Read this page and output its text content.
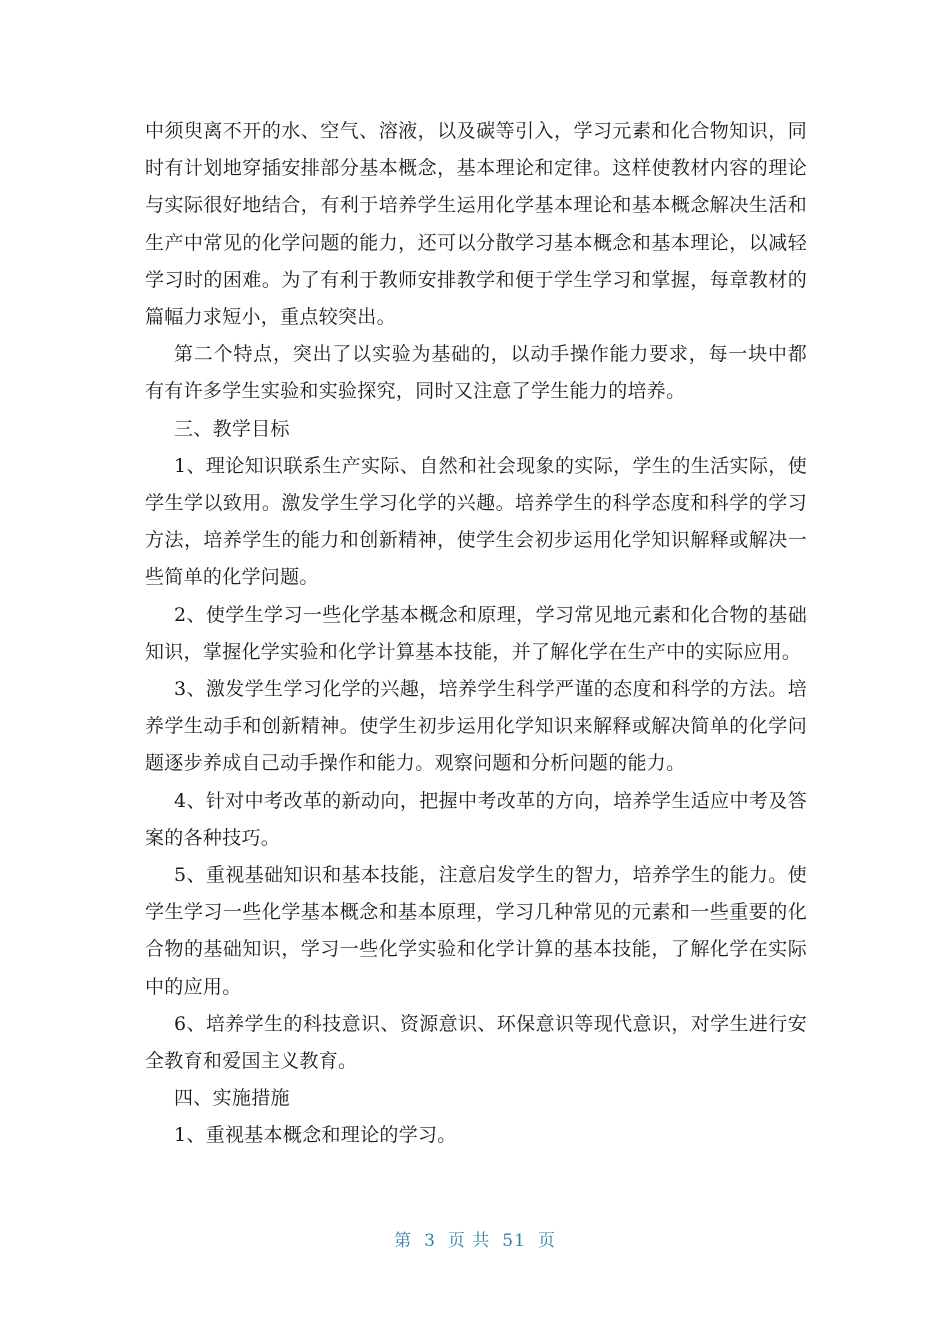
中须臾离不开的水、空气、溶液，以及碳等引入，学习元素和化合物知识，同时有计划地穿插安排部分基本概念，基本理论和定律。这样使教材内容的理论与实际很好地结合，有利于培养学生运用化学基本理论和基本概念解决生活和生产中常见的化学问题的能力，还可以分散学习基本概念和基本理论，以减轻学习时的困难。为了有利于教师安排教学和便于学生学习和掌握，每章教材的篇幅力求短小，重点较突出。

第二个特点，突出了以实验为基础的，以动手操作能力要求，每一块中都有有许多学生实验和实验探究，同时又注意了学生能力的培养。

三、教学目标

1、理论知识联系生产实际、自然和社会现象的实际，学生的生活实际，使学生学以致用。激发学生学习化学的兴趣。培养学生的科学态度和科学的学习方法，培养学生的能力和创新精神，使学生会初步运用化学知识解释或解决一些简单的化学问题。

2、使学生学习一些化学基本概念和原理，学习常见地元素和化合物的基础知识，掌握化学实验和化学计算基本技能，并了解化学在生产中的实际应用。

3、激发学生学习化学的兴趣，培养学生科学严谨的态度和科学的方法。培养学生动手和创新精神。使学生初步运用化学知识来解释或解决简单的化学问题逐步养成自己动手操作和能力。观察问题和分析问题的能力。

4、针对中考改革的新动向，把握中考改革的方向，培养学生适应中考及答案的各种技巧。

5、重视基础知识和基本技能，注意启发学生的智力，培养学生的能力。使学生学习一些化学基本概念和基本原理，学习几种常见的元素和一些重要的化合物的基础知识，学习一些化学实验和化学计算的基本技能，了解化学在实际中的应用。

6、培养学生的科技意识、资源意识、环保意识等现代意识，对学生进行安全教育和爱国主义教育。

四、实施措施

1、重视基本概念和理论的学习。

第 3 页 共 51 页
